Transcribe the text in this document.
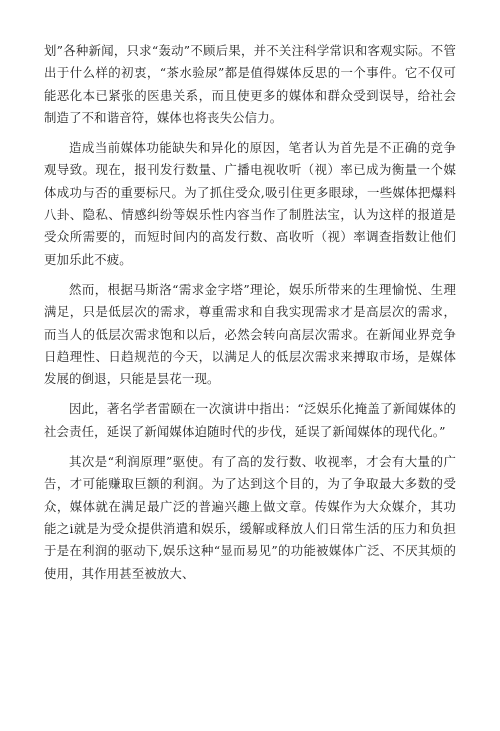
划”各种新闻，只求“轰动”不顾后果，并不关注科学常识和客观实际。不管出于什么样的初衷，“茶水验尿”都是值得媒体反思的一个事件。它不仅可能恶化本已紧张的医患关系，而且使更多的媒体和群众受到误导，给社会制造了不和谐音符，媒体也将丧失公信力。

造成当前媒体功能缺失和异化的原因，笔者认为首先是不正确的竞争观导致。现在，报刊发行数量、广播电视收听（视）率已成为衡量一个媒体成功与否的重要标尺。为了抓住受众,吸引住更多眼球，一些媒体把爆料八卦、隐私、情感纠纷等娱乐性内容当作了制胜法宝，认为这样的报道是受众所需要的，而短时间内的高发行数、高收听（视）率调查指数让他们更加乐此不疲。

然而，根据马斯洛“需求金字塔”理论，娱乐所带来的生理愉悦、生理满足，只是低层次的需求，尊重需求和自我实现需求才是高层次的需求，而当人的低层次需求饱和以后，必然会转向高层次需求。在新闻业界竞争日趋理性、日趋规范的今天，以满足人的低层次需求来搏取市场，是媒体发展的倒退，只能是昙花一现。

因此，著名学者雷颐在一次演讲中指出：“泛娱乐化掩盖了新闻媒体的社会责任，延误了新闻媒体迫随时代的步伐，延误了新闻媒体的现代化。”

其次是“利润原理”驱使。有了高的发行数、收视率，才会有大量的广告，才可能赚取巨额的利润。为了达到这个目的，为了争取最大多数的受众，媒体就在满足最广泛的普遍兴趣上做文章。传媒作为大众媒介，其功能之i就是为受众提供消遣和娱乐，缓解或释放人们日常生活的压力和负担于是在利润的驱动下,娱乐这种“显而易见”的功能被媒体广泛、不厌其烦的使用，其作用甚至被放大、
